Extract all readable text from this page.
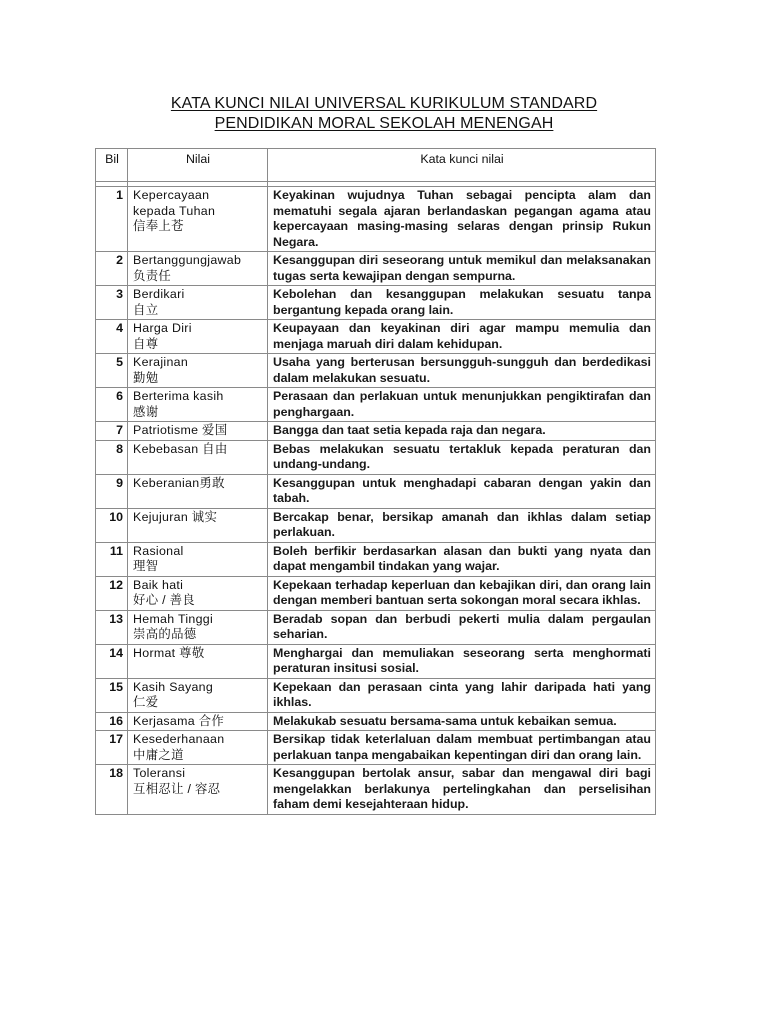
KATA KUNCI NILAI UNIVERSAL KURIKULUM STANDARD
PENDIDIKAN MORAL SEKOLAH MENENGAH
Bil	Nilai	Kata kunci nilai

1	Kepercayaan
kepada Tuhan
信奉上苍	Keyakinan wujudnya Tuhan sebagai pencipta alam dan mematuhi segala ajaran berlandaskan pegangan agama atau kepercayaan masing-masing selaras dengan prinsip Rukun Negara.
2	Bertanggungjawab
负责任	Kesanggupan diri seseorang untuk memikul dan melaksanakan tugas serta kewajipan dengan sempurna.
3	Berdikari
自立	Kebolehan dan kesanggupan melakukan sesuatu tanpa bergantung kepada orang lain.
4	Harga Diri
自尊	Keupayaan dan keyakinan diri agar mampu memulia dan menjaga maruah diri dalam kehidupan.
5	Kerajinan
勤勉	Usaha yang berterusan bersungguh-sungguh dan berdedikasi dalam melakukan sesuatu.
6	Berterima kasih
感谢	Perasaan dan perlakuan untuk menunjukkan pengiktirafan dan penghargaan.
7	Patriotisme 爱国	Bangga dan taat setia kepada raja dan negara.
8	Kebebasan 自由	Bebas melakukan sesuatu tertakluk kepada peraturan dan undang-undang.
9	Keberanian勇敢	Kesanggupan untuk menghadapi cabaran dengan yakin dan tabah.
10	Kejujuran 诚实	Bercakap benar, bersikap amanah dan ikhlas dalam setiap perlakuan.
11	Rasional
理智	Boleh berfikir berdasarkan alasan dan bukti yang nyata dan dapat mengambil tindakan yang wajar.
12	Baik hati
好心 / 善良	Kepekaan terhadap keperluan dan kebajikan diri, dan orang lain dengan memberi bantuan serta sokongan moral secara ikhlas.
13	Hemah Tinggi
崇高的品德	Beradab sopan dan berbudi pekerti mulia dalam pergaulan seharian.
14	Hormat 尊敬	Menghargai dan memuliakan seseorang serta menghormati peraturan insitusi sosial.
15	Kasih Sayang
仁爱	Kepekaan dan perasaan cinta yang lahir daripada hati yang ikhlas.
16	Kerjasama 合作	Melakukab sesuatu bersama-sama untuk kebaikan semua.
17	Kesederhanaan
中庸之道	Bersikap tidak keterlaluan dalam membuat pertimbangan atau perlakuan tanpa mengabaikan kepentingan diri dan orang lain.
18	Toleransi
互相忍让 / 容忍	Kesanggupan bertolak ansur, sabar dan mengawal diri bagi mengelakkan berlakunya pertelingkahan dan perselisihan faham demi kesejahteraan hidup.
